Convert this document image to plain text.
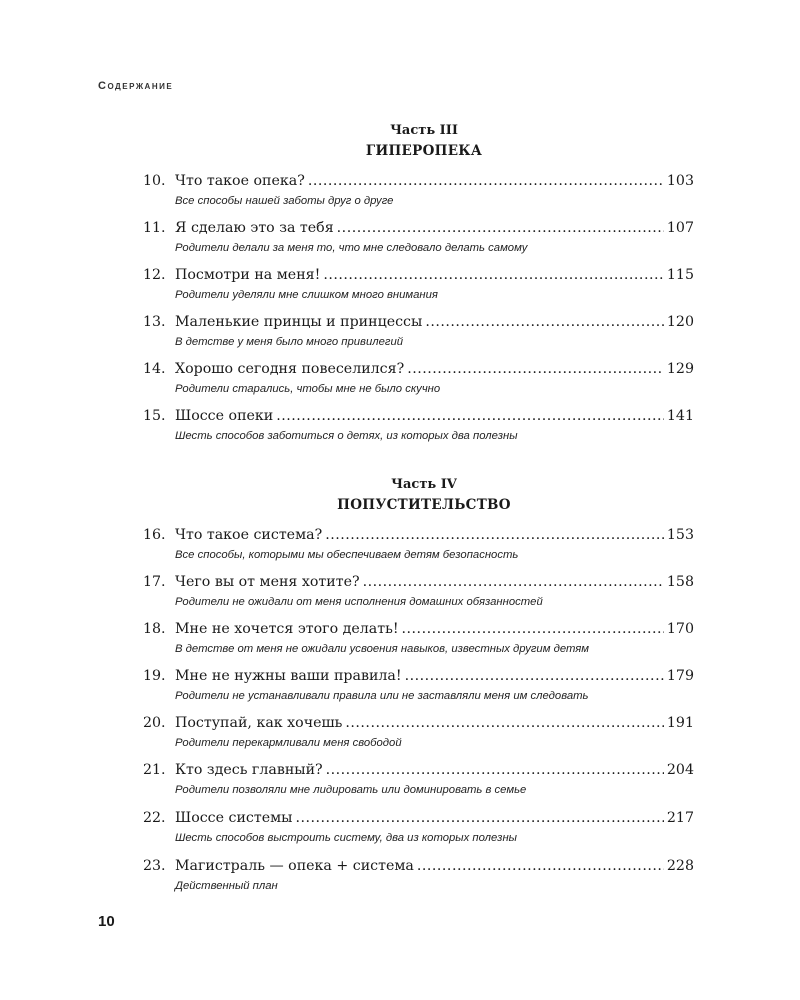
Содержание
Часть III
ГИПЕРОПЕКА
10. Что такое опека? .....	103
Все способы нашей заботы друг о друге
11. Я сделаю это за тебя .....	107
Родители делали за меня то, что мне следовало делать самому
12. Посмотри на меня! .....	115
Родители уделяли мне слишком много внимания
13. Маленькие принцы и принцессы .....	120
В детстве у меня было много привилегий
14. Хорошо сегодня повеселился? .....	129
Родители старались, чтобы мне не было скучно
15. Шоссе опеки .....	141
Шесть способов заботиться о детях, из которых два полезны
Часть IV
ПОПУСТИТЕЛЬСТВО
16. Что такое система? .....	153
Все способы, которыми мы обеспечиваем детям безопасность
17. Чего вы от меня хотите? .....	158
Родители не ожидали от меня исполнения домашних обязанностей
18. Мне не хочется этого делать! .....	170
В детстве от меня не ожидали усвоения навыков, известных другим детям
19. Мне не нужны ваши правила! .....	179
Родители не устанавливали правила или не заставляли меня им следовать
20. Поступай, как хочешь .....	191
Родители перекармливали меня свободой
21. Кто здесь главный? .....	204
Родители позволяли мне лидировать или доминировать в семье
22. Шоссе системы .....	217
Шесть способов выстроить систему, два из которых полезны
23. Магистраль — опека + система .....	228
Действенный план
10
